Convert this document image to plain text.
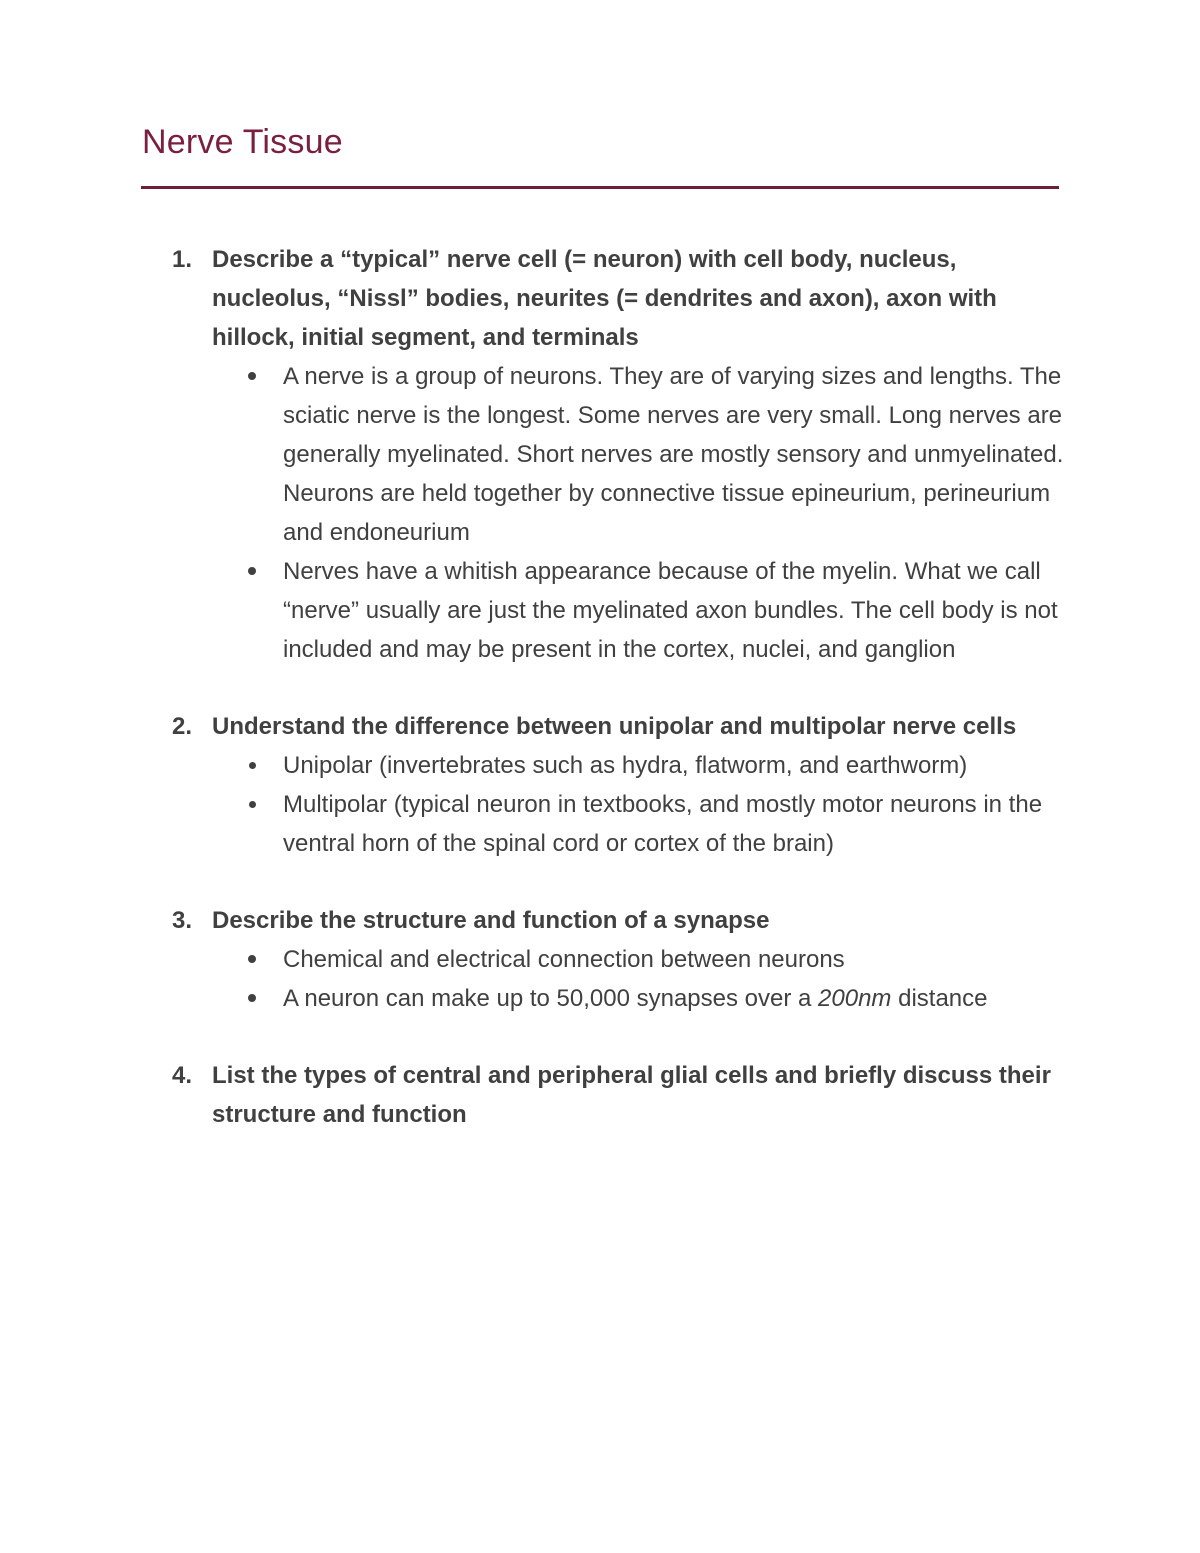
Nerve Tissue
1. Describe a “typical” nerve cell (= neuron) with cell body, nucleus, nucleolus, “Nissl” bodies, neurites (= dendrites and axon), axon with hillock, initial segment, and terminals
A nerve is a group of neurons. They are of varying sizes and lengths. The sciatic nerve is the longest. Some nerves are very small. Long nerves are generally myelinated. Short nerves are mostly sensory and unmyelinated. Neurons are held together by connective tissue epineurium, perineurium and endoneurium
Nerves have a whitish appearance because of the myelin. What we call “nerve” usually are just the myelinated axon bundles. The cell body is not included and may be present in the cortex, nuclei, and ganglion
2. Understand the difference between unipolar and multipolar nerve cells
Unipolar (invertebrates such as hydra, flatworm, and earthworm)
Multipolar (typical neuron in textbooks, and mostly motor neurons in the ventral horn of the spinal cord or cortex of the brain)
3. Describe the structure and function of a synapse
Chemical and electrical connection between neurons
A neuron can make up to 50,000 synapses over a 200nm distance
4. List the types of central and peripheral glial cells and briefly discuss their structure and function
